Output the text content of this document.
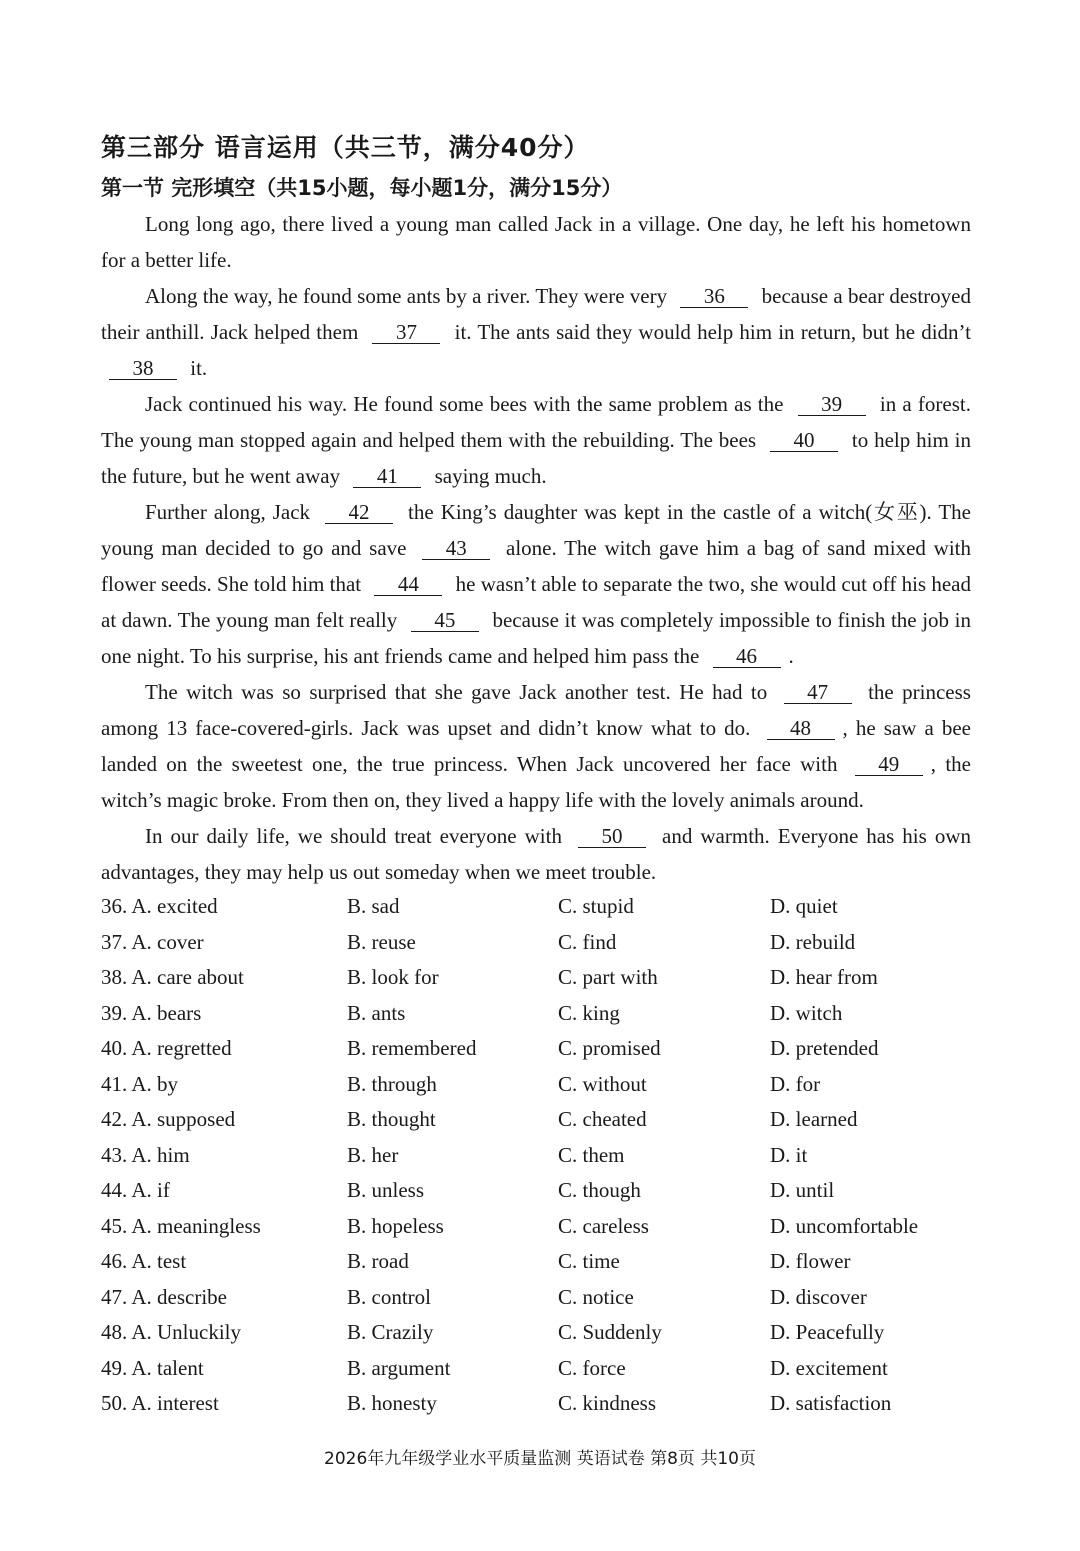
第三部分 语言运用（共三节，满分40分）
第一节 完形填空（共15小题，每小题1分，满分15分）

Long long ago, there lived a young man called Jack in a village. One day, he left his hometown for a better life.

Along the way, he found some ants by a river. They were very 36 because a bear destroyed their anthill. Jack helped them 37 it. The ants said they would help him in return, but he didn’t 38 it.

Jack continued his way. He found some bees with the same problem as the 39 in a forest. The young man stopped again and helped them with the rebuilding. The bees 40 to help him in the future, but he went away 41 saying much.

Further along, Jack 42 the King’s daughter was kept in the castle of a witch(女巫). The young man decided to go and save 43 alone. The witch gave him a bag of sand mixed with flower seeds. She told him that 44 he wasn’t able to separate the two, she would cut off his head at dawn. The young man felt really 45 because it was completely impossible to finish the job in one night. To his surprise, his ant friends came and helped him pass the 46 .

The witch was so surprised that she gave Jack another test. He had to 47 the princess among 13 face-covered-girls. Jack was upset and didn’t know what to do. 48 , he saw a bee landed on the sweetest one, the true princess. When Jack uncovered her face with 49 , the witch’s magic broke. From then on, they lived a happy life with the lovely animals around.

In our daily life, we should treat everyone with 50 and warmth. Everyone has his own advantages, they may help us out someday when we meet trouble.

36. A. excited	B. sad	C. stupid	D. quiet
37. A. cover	B. reuse	C. find	D. rebuild
38. A. care about	B. look for	C. part with	D. hear from
39. A. bears	B. ants	C. king	D. witch
40. A. regretted	B. remembered	C. promised	D. pretended
41. A. by	B. through	C. without	D. for
42. A. supposed	B. thought	C. cheated	D. learned
43. A. him	B. her	C. them	D. it
44. A. if	B. unless	C. though	D. until
45. A. meaningless	B. hopeless	C. careless	D. uncomfortable
46. A. test	B. road	C. time	D. flower
47. A. describe	B. control	C. notice	D. discover
48. A. Unluckily	B. Crazily	C. Suddenly	D. Peacefully
49. A. talent	B. argument	C. force	D. excitement
50. A. interest	B. honesty	C. kindness	D. satisfaction
2026年九年级学业水平质量监测 英语试卷 第8页 共10页
